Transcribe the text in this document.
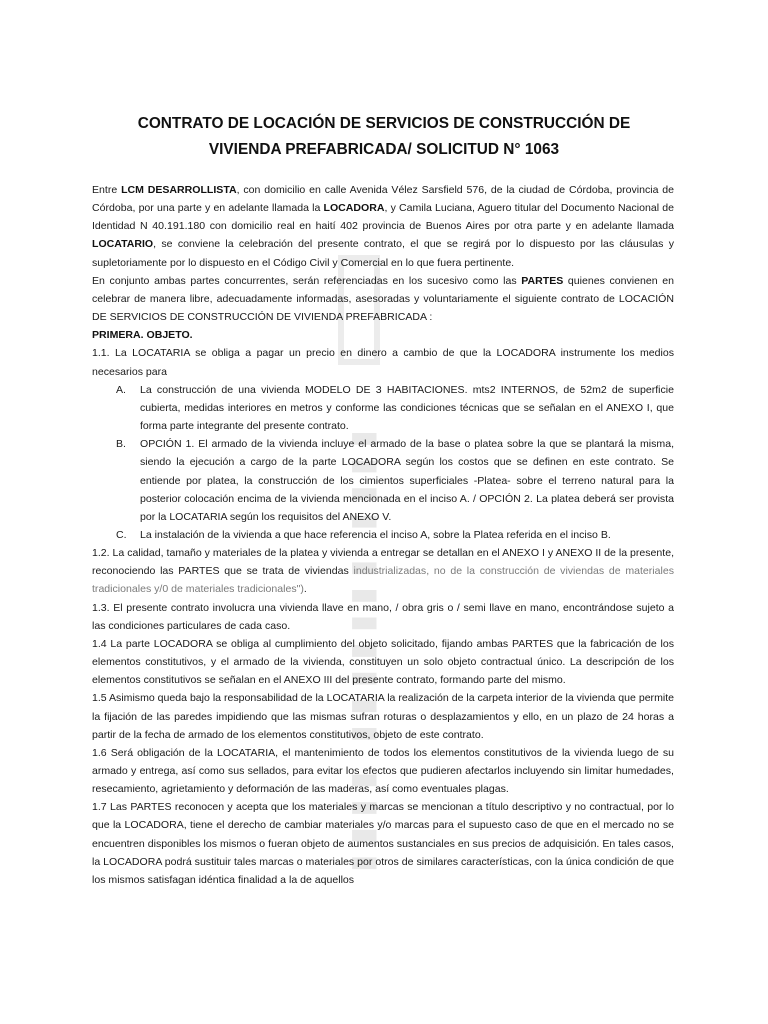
▮▮▮▮ ▮▮▮▮▮▮▮ ▮▮▮▮
CONTRATO DE LOCACIÓN DE SERVICIOS DE CONSTRUCCIÓN DE
VIVIENDA PREFABRICADA/ SOLICITUD N° 1063

Entre LCM DESARROLLISTA, con domicilio en calle Avenida Vélez Sarsfield 576, de la ciudad de Córdoba, provincia de Córdoba, por una parte y en adelante llamada la LOCADORA, y Camila Luciana, Aguero titular del Documento Nacional de Identidad N 40.191.180 con domicilio real en haití 402 provincia de Buenos Aires por otra parte y en adelante llamada LOCATARIO, se conviene la celebración del presente contrato, el que se regirá por lo dispuesto por las cláusulas y supletoriamente por lo dispuesto en el Código Civil y Comercial en lo que fuera pertinente.

En conjunto ambas partes concurrentes, serán referenciadas en los sucesivo como las PARTES quienes convienen en celebrar de manera libre, adecuadamente informadas, asesoradas y voluntariamente el siguiente contrato de LOCACIÓN DE SERVICIOS DE CONSTRUCCIÓN DE VIVIENDA PREFABRICADA :

PRIMERA. OBJETO.

1.1. La LOCATARIA se obliga a pagar un precio en dinero a cambio de que la LOCADORA instrumente los medios necesarios para

A. La construcción de una vivienda MODELO DE 3 HABITACIONES. mts2 INTERNOS, de 52m2 de superficie cubierta, medidas interiores en metros y conforme las condiciones técnicas que se señalan en el ANEXO I, que forma parte integrante del presente contrato.
B. OPCIÓN 1. El armado de la vivienda incluye el armado de la base o platea sobre la que se plantará la misma, siendo la ejecución a cargo de la parte LOCADORA según los costos que se definen en este contrato. Se entiende por platea, la construcción de los cimientos superficiales -Platea- sobre el terreno natural para la posterior colocación encima de la vivienda mencionada en el inciso A. / OPCIÓN 2. La platea deberá ser provista por la LOCATARIA según los requisitos del ANEXO V.
C. La instalación de la vivienda a que hace referencia el inciso A, sobre la Platea referida en el inciso B.

1.2. La calidad, tamaño y materiales de la platea y vivienda a entregar se detallan en el ANEXO I y ANEXO II de la presente, reconociendo las PARTES que se trata de viviendas industrializadas, no de la construcción de viviendas de materiales tradicionales y/0 de materiales tradicionales").

1.3. El presente contrato involucra una vivienda llave en mano, / obra gris o / semi llave en mano, encontrándose sujeto a las condiciones particulares de cada caso.

1.4 La parte LOCADORA se obliga al cumplimiento del objeto solicitado, fijando ambas PARTES que la fabricación de los elementos constitutivos, y el armado de la vivienda, constituyen un solo objeto contractual único. La descripción de los elementos constitutivos se señalan en el ANEXO III del presente contrato, formando parte del mismo.

1.5 Asimismo queda bajo la responsabilidad de la LOCATARIA la realización de la carpeta interior de la vivienda que permite la fijación de las paredes impidiendo que las mismas sufran roturas o desplazamientos y ello, en un plazo de 24 horas a partir de la fecha de armado de los elementos constitutivos, objeto de este contrato.

1.6 Será obligación de la LOCATARIA, el mantenimiento de todos los elementos constitutivos de la vivienda luego de su armado y entrega, así como sus sellados, para evitar los efectos que pudieren afectarlos incluyendo sin limitar humedades, resecamiento, agrietamiento y deformación de las maderas, así como eventuales plagas.

1.7 Las PARTES reconocen y acepta que los materiales y marcas se mencionan a título descriptivo y no contractual, por lo que la LOCADORA, tiene el derecho de cambiar materiales y/o marcas para el supuesto caso de que en el mercado no se encuentren disponibles los mismos o fueran objeto de aumentos sustanciales en sus precios de adquisición. En tales casos, la LOCADORA podrá sustituir tales marcas o materiales por otros de similares características, con la única condición de que los mismos satisfagan idéntica finalidad a la de aquellos
